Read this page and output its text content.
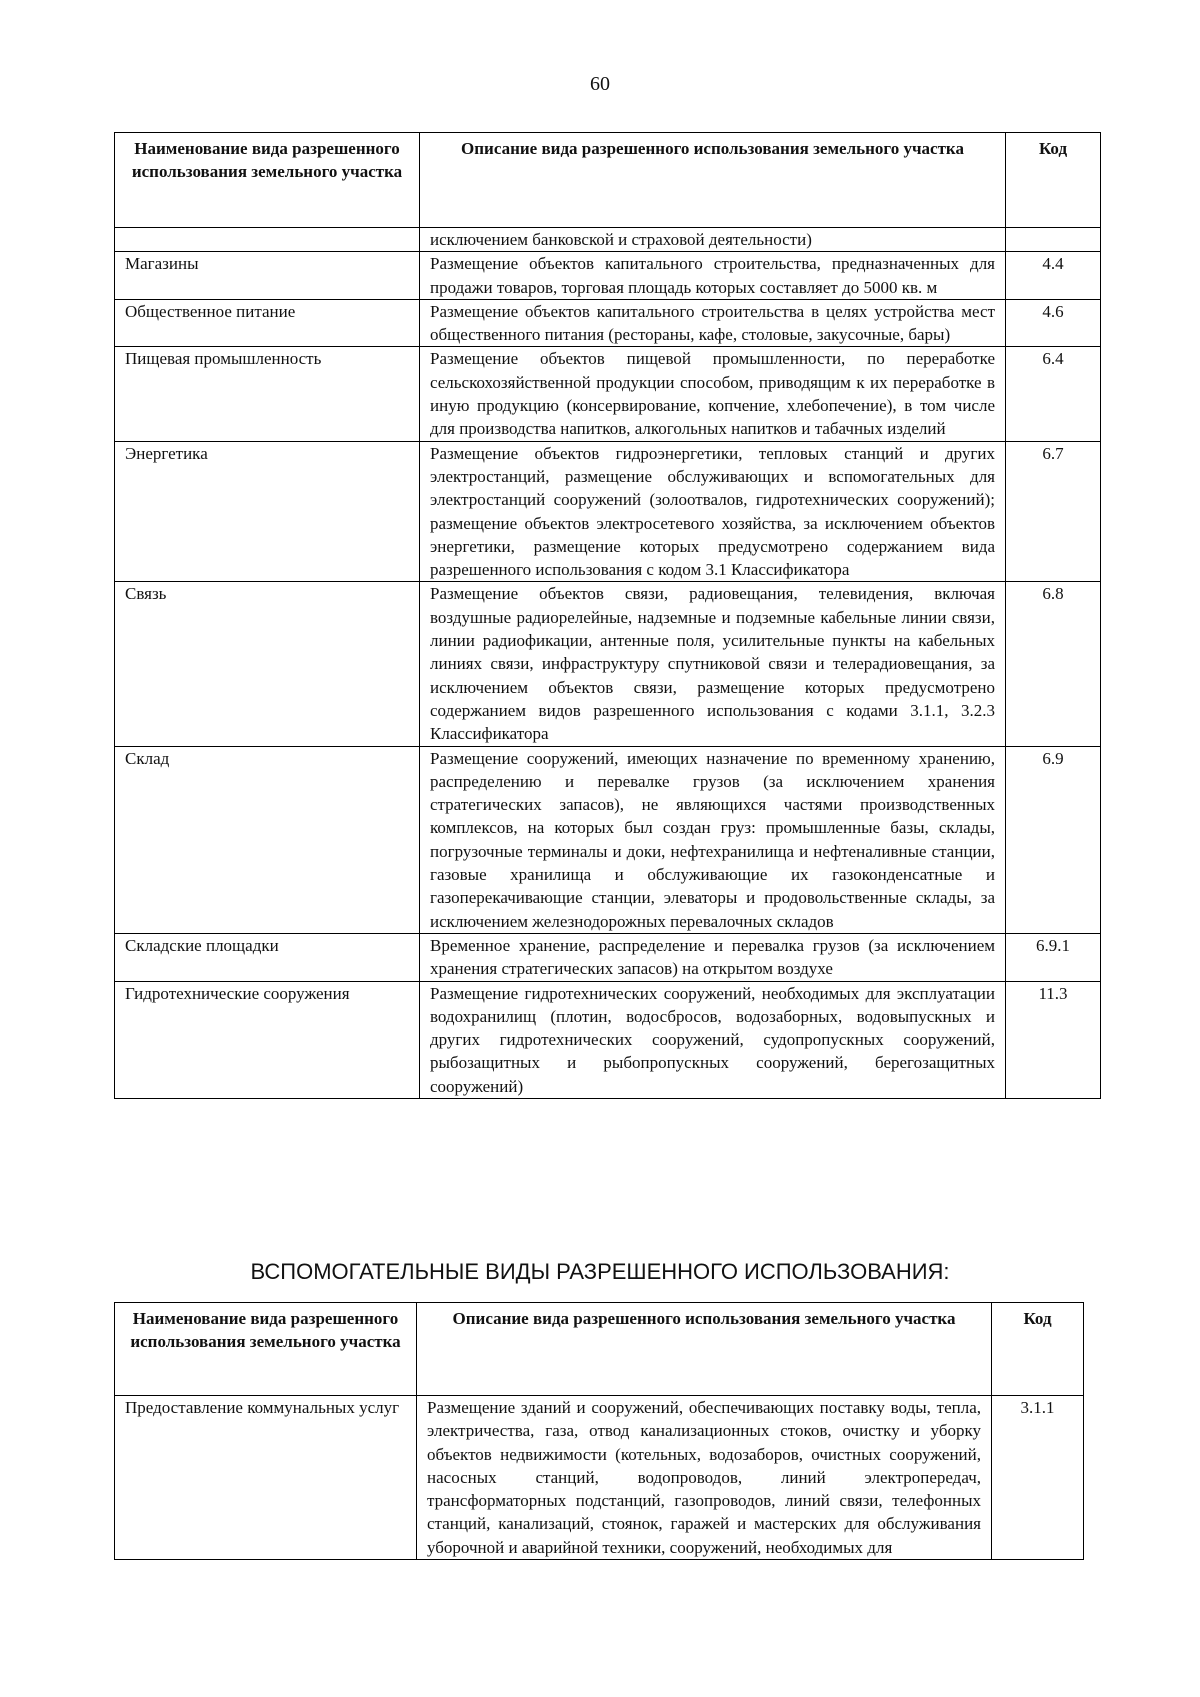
60
Наименование вида разрешенного использования земельного участка	Описание вида разрешенного использования земельного участка	Код
	исключением банковской и страховой деятельности)	
Магазины	Размещение объектов капитального строительства, предназначенных для продажи товаров, торговая площадь которых составляет до 5000 кв. м	4.4
Общественное питание	Размещение объектов капитального строительства в целях устройства мест общественного питания (рестораны, кафе, столовые, закусочные, бары)	4.6
Пищевая промышленность	Размещение объектов пищевой промышленности, по переработке сельскохозяйственной продукции способом, приводящим к их переработке в иную продукцию (консервирование, копчение, хлебопечение), в том числе для производства напитков, алкогольных напитков и табачных изделий	6.4
Энергетика	Размещение объектов гидроэнергетики, тепловых станций и других электростанций, размещение обслуживающих и вспомогательных для электростанций сооружений (золоотвалов, гидротехнических сооружений); размещение объектов электросетевого хозяйства, за исключением объектов энергетики, размещение которых предусмотрено содержанием вида разрешенного использования с кодом 3.1 Классификатора	6.7
Связь	Размещение объектов связи, радиовещания, телевидения, включая воздушные радиорелейные, надземные и подземные кабельные линии связи, линии радиофикации, антенные поля, усилительные пункты на кабельных линиях связи, инфраструктуру спутниковой связи и телерадиовещания, за исключением объектов связи, размещение которых предусмотрено содержанием видов разрешенного использования с кодами 3.1.1, 3.2.3 Классификатора	6.8
Склад	Размещение сооружений, имеющих назначение по временному хранению, распределению и перевалке грузов (за исключением хранения стратегических запасов), не являющихся частями производственных комплексов, на которых был создан груз: промышленные базы, склады, погрузочные терминалы и доки, нефтехранилища и нефтеналивные станции, газовые хранилища и обслуживающие их газоконденсатные и газоперекачивающие станции, элеваторы и продовольственные склады, за исключением железнодорожных перевалочных складов	6.9
Складские площадки	Временное хранение, распределение и перевалка грузов (за исключением хранения стратегических запасов) на открытом воздухе	6.9.1
Гидротехнические сооружения	Размещение гидротехнических сооружений, необходимых для эксплуатации водохранилищ (плотин, водосбросов, водозаборных, водовыпускных и других гидротехнических сооружений, судопропускных сооружений, рыбозащитных и рыбопропускных сооружений, берегозащитных сооружений)	11.3
ВСПОМОГАТЕЛЬНЫЕ ВИДЫ РАЗРЕШЕННОГО ИСПОЛЬЗОВАНИЯ:
Наименование вида разрешенного использования земельного участка	Описание вида разрешенного использования земельного участка	Код
Предоставление коммунальных услуг	Размещение зданий и сооружений, обеспечивающих поставку воды, тепла, электричества, газа, отвод канализационных стоков, очистку и уборку объектов недвижимости (котельных, водозаборов, очистных сооружений, насосных станций, водопроводов, линий электропередач, трансформаторных подстанций, газопроводов, линий связи, телефонных станций, канализаций, стоянок, гаражей и мастерских для обслуживания уборочной и аварийной техники, сооружений, необходимых для	3.1.1
